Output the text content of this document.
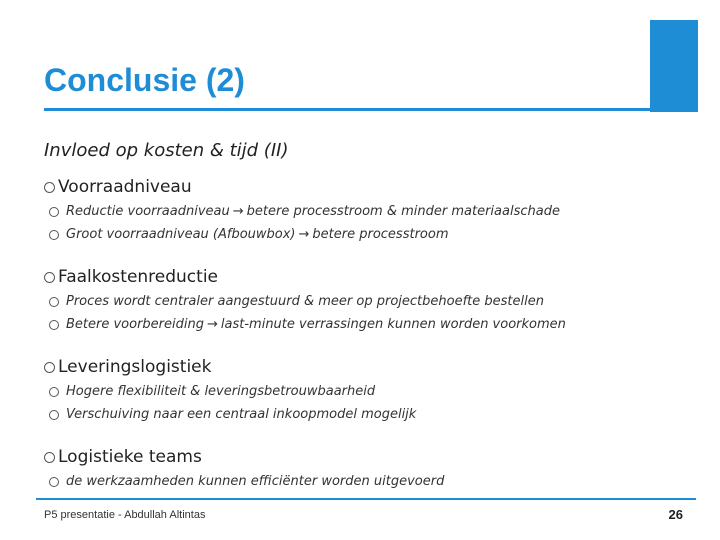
Conclusie (2)
Invloed op kosten & tijd (II)
Voorraadniveau
Reductie voorraadniveau → betere processtroom & minder materiaalschade
Groot voorraadniveau (Afbouwbox) → betere processtroom
Faalkostenreductie
Proces wordt centraler aangestuurd & meer op projectbehoefte bestellen
Betere voorbereiding → last-minute verrassingen kunnen worden voorkomen
Leveringslogistiek
Hogere flexibiliteit & leveringsbetrouwbaarheid
Verschuiving naar een centraal inkoopmodel mogelijk
Logistieke teams
de werkzaamheden kunnen efficiënter worden uitgevoerd
P5 presentatie - Abdullah Altintas	26
